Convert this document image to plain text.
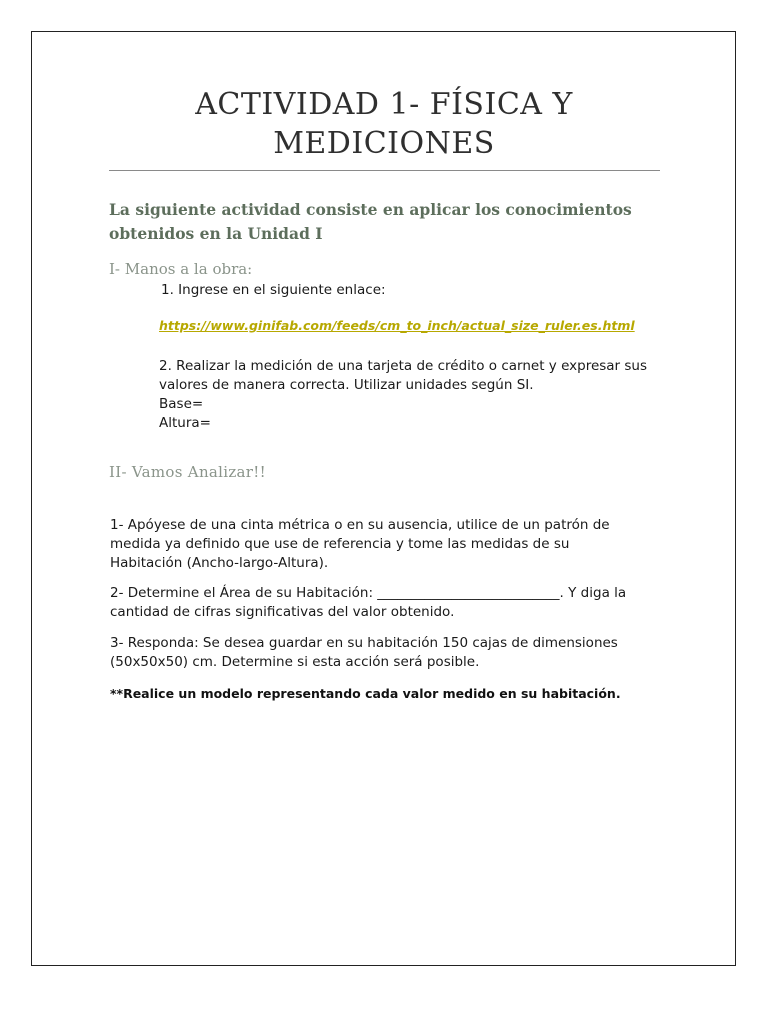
ACTIVIDAD 1- FÍSICA Y
MEDICIONES
La siguiente actividad consiste en aplicar los conocimientos
obtenidos en la Unidad I
I- Manos a la obra:
1. Ingrese en el siguiente enlace:
https://www.ginifab.com/feeds/cm_to_inch/actual_size_ruler.es.html
2. Realizar la medición de una tarjeta de crédito o carnet y expresar sus
valores de manera correcta. Utilizar unidades según SI.
Base=
Altura=
II- Vamos Analizar!!
1- Apóyese de una cinta métrica o en su ausencia, utilice de un patrón de
medida ya definido que use de referencia y tome las medidas de su
Habitación (Ancho-largo-Altura).
2- Determine el Área de su Habitación: ___________________________. Y diga la
cantidad de cifras significativas del valor obtenido.
3- Responda: Se desea guardar en su habitación 150 cajas de dimensiones
(50x50x50) cm. Determine si esta acción será posible.
**Realice un modelo representando cada valor medido en su habitación.
